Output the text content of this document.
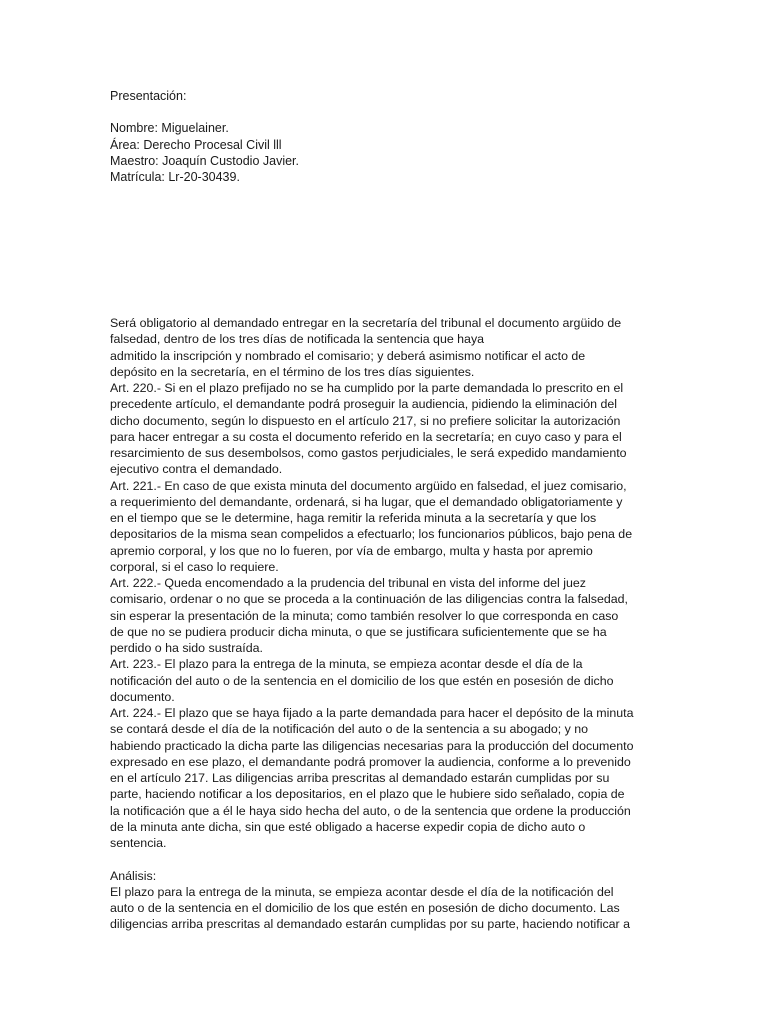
Presentación:
Nombre: Miguelainer.
Área: Derecho Procesal Civil lll
Maestro: Joaquín Custodio Javier.
Matrícula: Lr-20-30439.
Será obligatorio al demandado entregar en la secretaría del tribunal el documento argüido de
falsedad, dentro de los tres días de notificada la sentencia que haya
admitido la inscripción y nombrado el comisario; y deberá asimismo notificar el acto de
depósito en la secretaría, en el término de los tres días siguientes.
Art. 220.- Si en el plazo prefijado no se ha cumplido por la parte demandada lo prescrito en el
precedente artículo, el demandante podrá proseguir la audiencia, pidiendo la eliminación del
dicho documento, según lo dispuesto en el artículo 217, si no prefiere solicitar la autorización
para hacer entregar a su costa el documento referido en la secretaría; en cuyo caso y para el
resarcimiento de sus desembolsos, como gastos perjudiciales, le será expedido mandamiento
ejecutivo contra el demandado.
Art. 221.- En caso de que exista minuta del documento argüido en falsedad, el juez comisario,
a requerimiento del demandante, ordenará, si ha lugar, que el demandado obligatoriamente y
en el tiempo que se le determine, haga remitir la referida minuta a la secretaría y que los
depositarios de la misma sean compelidos a efectuarlo; los funcionarios públicos, bajo pena de
apremio corporal, y los que no lo fueren, por vía de embargo, multa y hasta por apremio
corporal, si el caso lo requiere.
Art. 222.- Queda encomendado a la prudencia del tribunal en vista del informe del juez
comisario, ordenar o no que se proceda a la continuación de las diligencias contra la falsedad,
sin esperar la presentación de la minuta; como también resolver lo que corresponda en caso
de que no se pudiera producir dicha minuta, o que se justificara suficientemente que se ha
perdido o ha sido sustraída.
Art. 223.- El plazo para la entrega de la minuta, se empieza acontar desde el día de la
notificación del auto o de la sentencia en el domicilio de los que estén en posesión de dicho
documento.
Art. 224.- El plazo que se haya fijado a la parte demandada para hacer el depósito de la minuta
se contará desde el día de la notificación del auto o de la sentencia a su abogado; y no
habiendo practicado la dicha parte las diligencias necesarias para la producción del documento
expresado en ese plazo, el demandante podrá promover la audiencia, conforme a lo prevenido
en el artículo 217. Las diligencias arriba prescritas al demandado estarán cumplidas por su
parte, haciendo notificar a los depositarios, en el plazo que le hubiere sido señalado, copia de
la notificación que a él le haya sido hecha del auto, o de la sentencia que ordene la producción
de la minuta ante dicha, sin que esté obligado a hacerse expedir copia de dicho auto o
sentencia.
Análisis:
El plazo para la entrega de la minuta, se empieza acontar desde el día de la notificación del
auto o de la sentencia en el domicilio de los que estén en posesión de dicho documento. Las
diligencias arriba prescritas al demandado estarán cumplidas por su parte, haciendo notificar a
